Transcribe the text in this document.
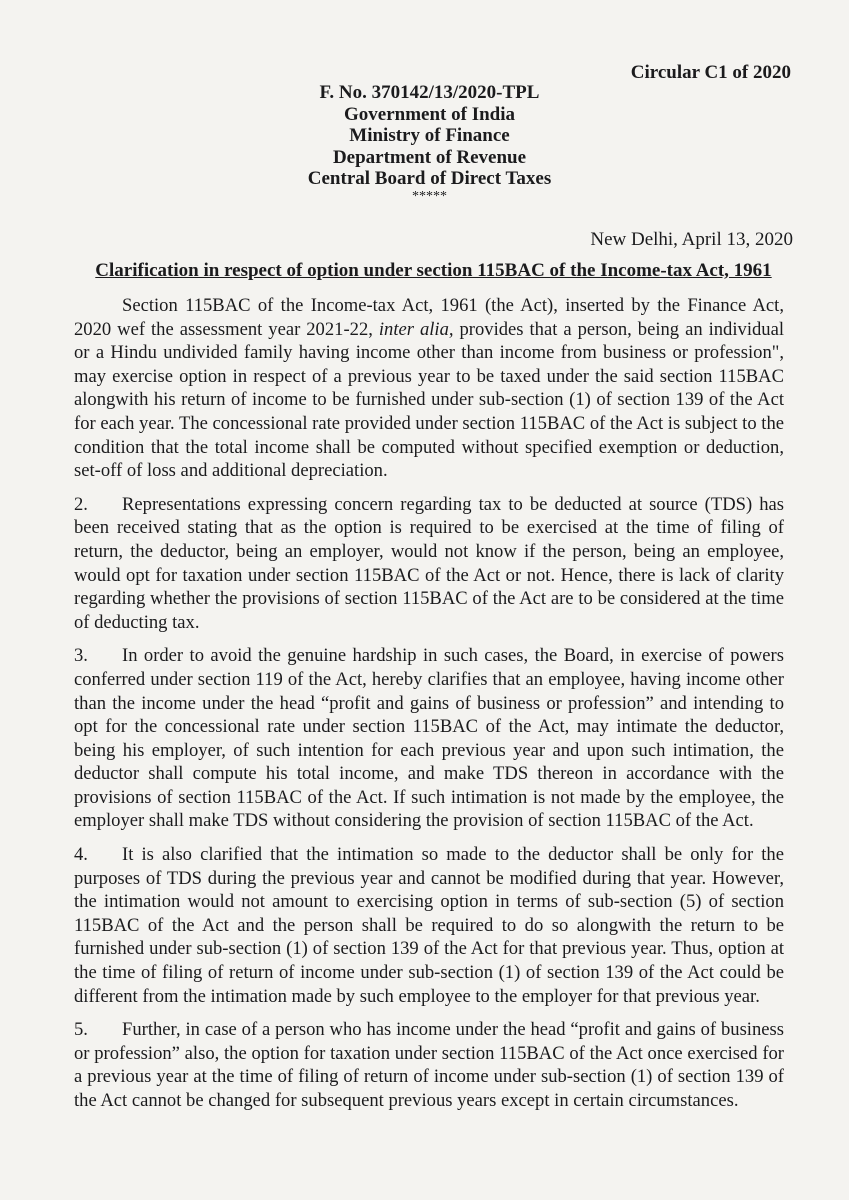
Circular C1 of 2020
F. No. 370142/13/2020-TPL
Government of India
Ministry of Finance
Department of Revenue
Central Board of Direct Taxes
*****
New Delhi, April 13, 2020
Clarification in respect of option under section 115BAC of the Income-tax Act, 1961

Section 115BAC of the Income-tax Act, 1961 (the Act), inserted by the Finance Act, 2020 wef the assessment year 2021-22, inter alia, provides that a person, being an individual or a Hindu undivided family having income other than income from business or profession", may exercise option in respect of a previous year to be taxed under the said section 115BAC alongwith his return of income to be furnished under sub-section (1) of section 139 of the Act for each year. The concessional rate provided under section 115BAC of the Act is subject to the condition that the total income shall be computed without specified exemption or deduction, set-off of loss and additional depreciation.

2. Representations expressing concern regarding tax to be deducted at source (TDS) has been received stating that as the option is required to be exercised at the time of filing of return, the deductor, being an employer, would not know if the person, being an employee, would opt for taxation under section 115BAC of the Act or not. Hence, there is lack of clarity regarding whether the provisions of section 115BAC of the Act are to be considered at the time of deducting tax.

3. In order to avoid the genuine hardship in such cases, the Board, in exercise of powers conferred under section 119 of the Act, hereby clarifies that an employee, having income other than the income under the head “profit and gains of business or profession” and intending to opt for the concessional rate under section 115BAC of the Act, may intimate the deductor, being his employer, of such intention for each previous year and upon such intimation, the deductor shall compute his total income, and make TDS thereon in accordance with the provisions of section 115BAC of the Act. If such intimation is not made by the employee, the employer shall make TDS without considering the provision of section 115BAC of the Act.

4. It is also clarified that the intimation so made to the deductor shall be only for the purposes of TDS during the previous year and cannot be modified during that year. However, the intimation would not amount to exercising option in terms of sub-section (5) of section 115BAC of the Act and the person shall be required to do so alongwith the return to be furnished under sub-section (1) of section 139 of the Act for that previous year. Thus, option at the time of filing of return of income under sub-section (1) of section 139 of the Act could be different from the intimation made by such employee to the employer for that previous year.

5. Further, in case of a person who has income under the head “profit and gains of business or profession” also, the option for taxation under section 115BAC of the Act once exercised for a previous year at the time of filing of return of income under sub-section (1) of section 139 of the Act cannot be changed for subsequent previous years except in certain circumstances.
